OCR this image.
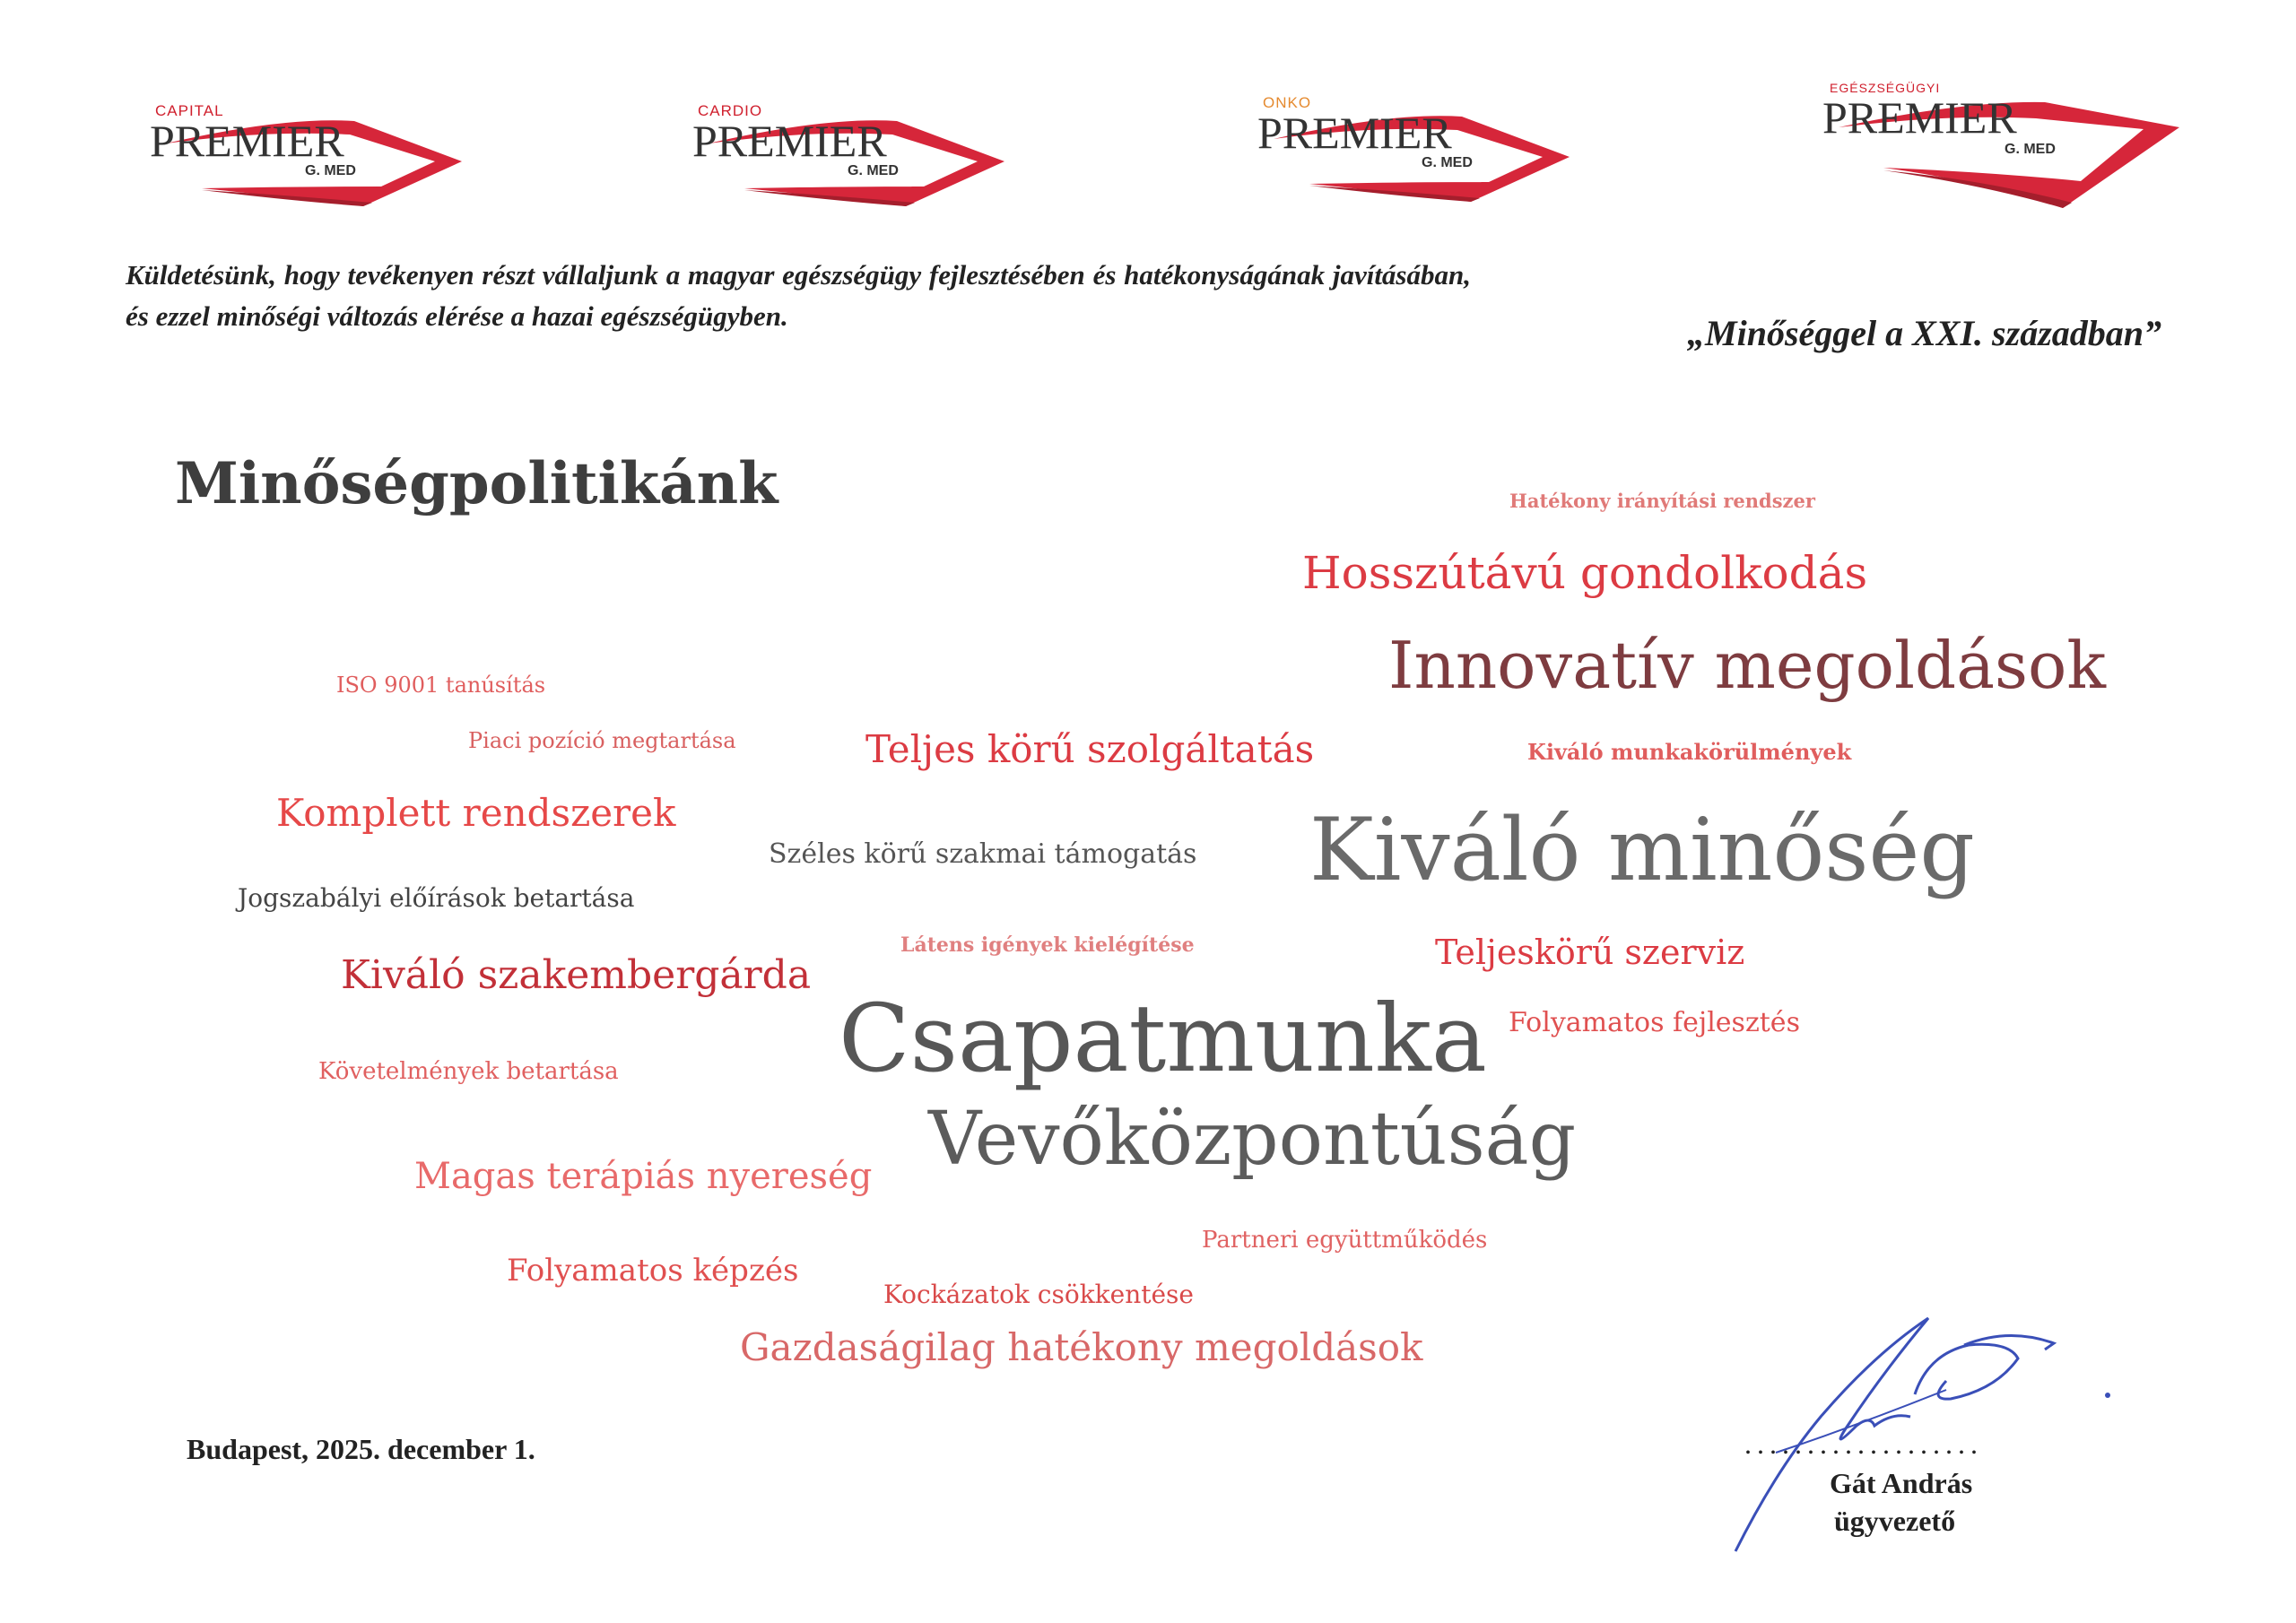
CAPITAL
PREMIER
G. MED
CARDIO
PREMIER
G. MED
ONKO
PREMIER
G. MED
EGÉSZSÉGÜGYI
PREMIER
G. MED
Küldetésünk, hogy tevékenyen részt vállaljunk a magyar egészségügy fejlesztésében és hatékonyságának javításában, és ezzel minőségi változás elérése a hazai egészségügyben.	„Minőséggel a XXI. században”
Minőségpolitikánk	Hatékony irányítási rendszer
Hosszútávú gondolkodás
Innovatív megoldások
ISO 9001 tanúsítás
Piaci pozíció megtartása	Teljes körű szolgáltatás	Kiváló munkakörülmények
Komplett rendszerek
Széles körű szakmai támogatás Kiváló minőség
Jogszabályi előírások betartása
Látens igények kielégítése	Teljeskörű szerviz
Kiváló szakembergárda
Csapatmunka Folyamatos fejlesztés
Követelmények betartása
Vevőközpontúság
Magas terápiás nyereség
Partneri együttműködés
Folyamatos képzés
Kockázatok csökkentése
Gazdaságilag hatékony megoldások
Budapest, 2025. december 1.	...................
Gát András
ügyvezető
